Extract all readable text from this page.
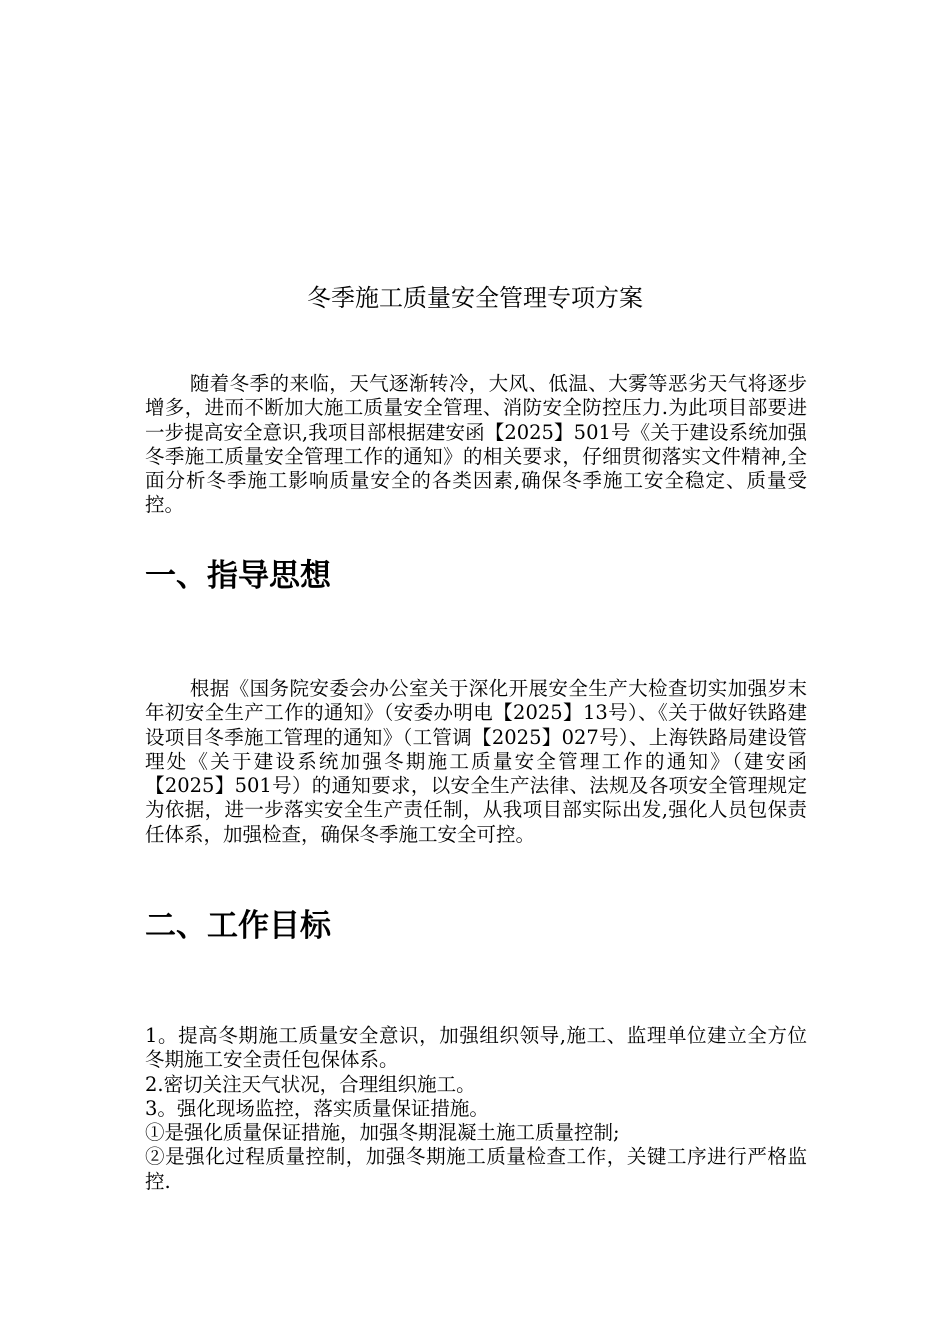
冬季施工质量安全管理专项方案

随着冬季的来临，天气逐渐转冷，大风、低温、大雾等恶劣天气将逐步增多，进而不断加大施工质量安全管理、消防安全防控压力.为此项目部要进一步提高安全意识,我项目部根据建安函【2025】501号《关于建设系统加强冬季施工质量安全管理工作的通知》的相关要求，仔细贯彻落实文件精神,全面分析冬季施工影响质量安全的各类因素,确保冬季施工安全稳定、质量受控。

一、指导思想

根据《国务院安委会办公室关于深化开展安全生产大检查切实加强岁末年初安全生产工作的通知》（安委办明电【2025】13号）、《关于做好铁路建设项目冬季施工管理的通知》（工管调【2025】027号）、上海铁路局建设管理处《关于建设系统加强冬期施工质量安全管理工作的通知》（建安函【2025】501号）的通知要求，以安全生产法律、法规及各项安全管理规定为依据，进一步落实安全生产责任制，从我项目部实际出发,强化人员包保责任体系，加强检查，确保冬季施工安全可控。

二、工作目标
1。提高冬期施工质量安全意识，加强组织领导,施工、监理单位建立全方位冬期施工安全责任包保体系。
2.密切关注天气状况，合理组织施工。
3。强化现场监控，落实质量保证措施。
①是强化质量保证措施，加强冬期混凝土施工质量控制;
②是强化过程质量控制，加强冬期施工质量检查工作，关键工序进行严格监控.
